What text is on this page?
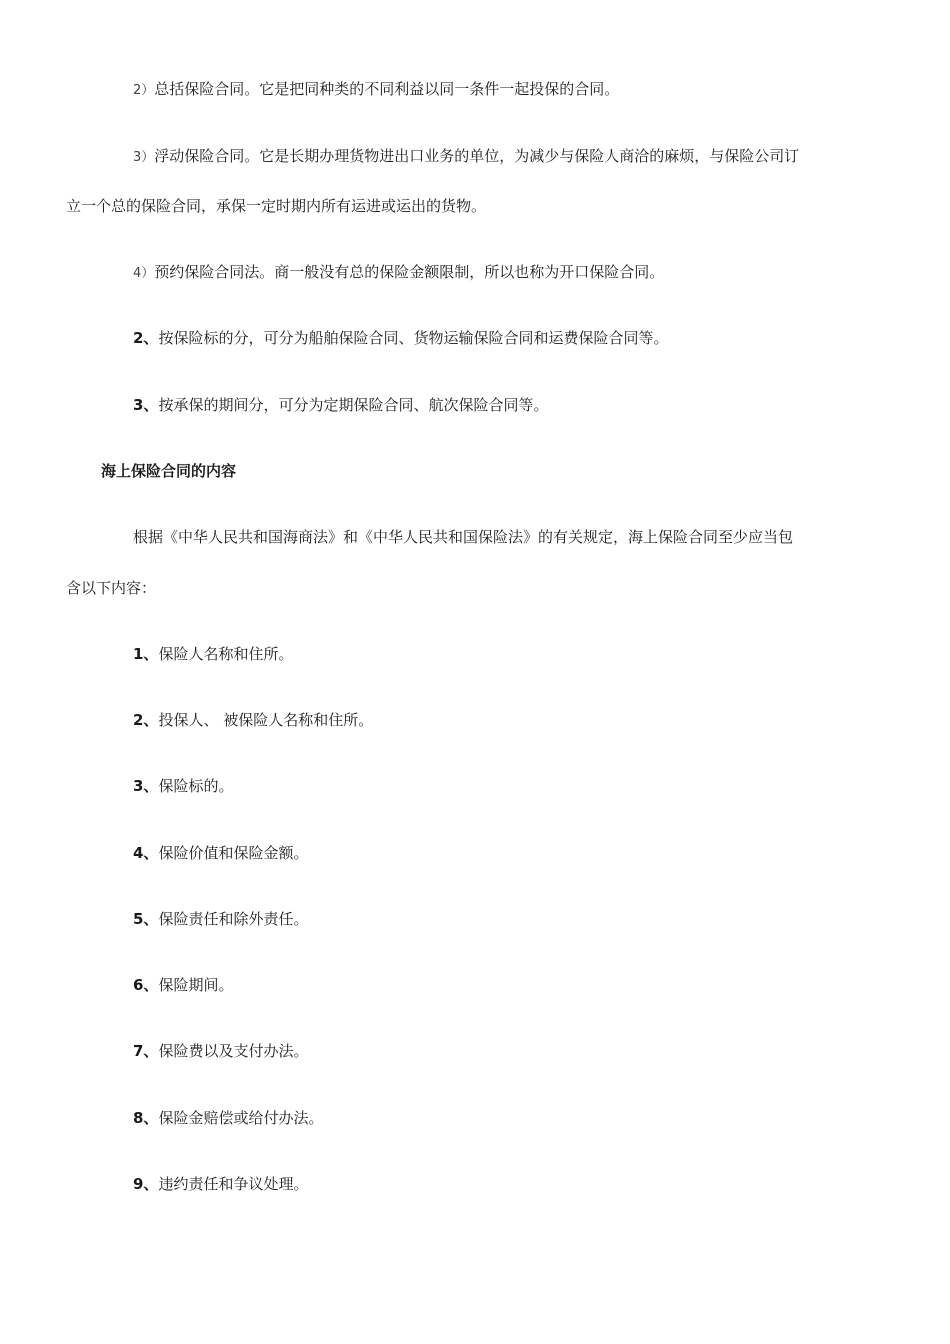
2）总括保险合同。它是把同种类的不同利益以同一条件一起投保的合同。
3）浮动保险合同。它是长期办理货物进出口业务的单位，为减少与保险人商洽的麻烦，与保险公司订
立一个总的保险合同，承保一定时期内所有运进或运出的货物。
4）预约保险合同法。商一般没有总的保险金额限制，所以也称为开口保险合同。
2、按保险标的分，可分为船舶保险合同、货物运输保险合同和运费保险合同等。
3、按承保的期间分，可分为定期保险合同、航次保险合同等。
海上保险合同的内容
根据《中华人民共和国海商法》和《中华人民共和国保险法》的有关规定，海上保险合同至少应当包
含以下内容：
1、保险人名称和住所。
2、投保人、 被保险人名称和住所。
3、保险标的。
4、保险价值和保险金额。
5、保险责任和除外责任。
6、保险期间。
7、保险费以及支付办法。
8、保险金赔偿或给付办法。
9、违约责任和争议处理。
